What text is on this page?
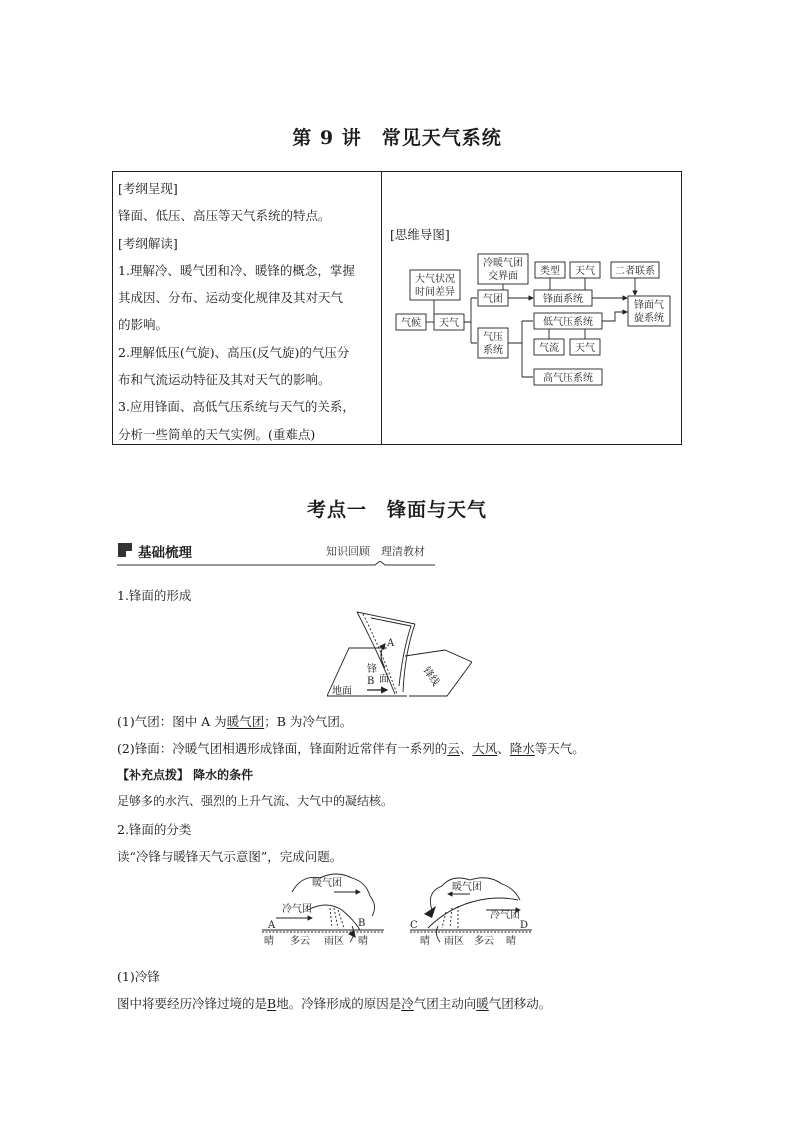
第 9 讲　常见天气系统

[考纲呈现]

锋面、低压、高压等天气系统的特点。

[考纲解读]

1.理解冷、暖气团和冷、暖锋的概念，掌握

其成因、分布、运动变化规律及其对天气

的影响。

2.理解低压(气旋)、高压(反气旋)的气压分

布和气流运动特征及其对天气的影响。

3.应用锋面、高低气压系统与天气的关系，

分析一些简单的天气实例。(重难点)

[思维导图]
大气状况
时间差异
气候 天气
气团
冷暖气团
交界面
气压
系统
类型 天气
锋面系统
低气压系统
气流 天气
高气压系统
二者联系
锋面气
旋系统
考点一　锋面与天气
基础梳理	知识回顾　理清教材
1.锋面的形成
A
B
锋
面
地面
锋线
(1)气团：图中 A 为暖气团；B 为冷气团。
(2)锋面：冷暖气团相遇形成锋面，锋面附近常伴有一系列的云、大风、降水等天气。
【补充点拨】 降水的条件
足够多的水汽、强烈的上升气流、大气中的凝结核。
2.锋面的分类
读“冷锋与暖锋天气示意图”，完成问题。
暖气团
冷气团
A	B
晴 多云 雨区 晴
暖气团
冷气团
C	D
晴 雨区 多云 晴
(1)冷锋
图中将要经历冷锋过境的是B地。冷锋形成的原因是冷气团主动向暖气团移动。
